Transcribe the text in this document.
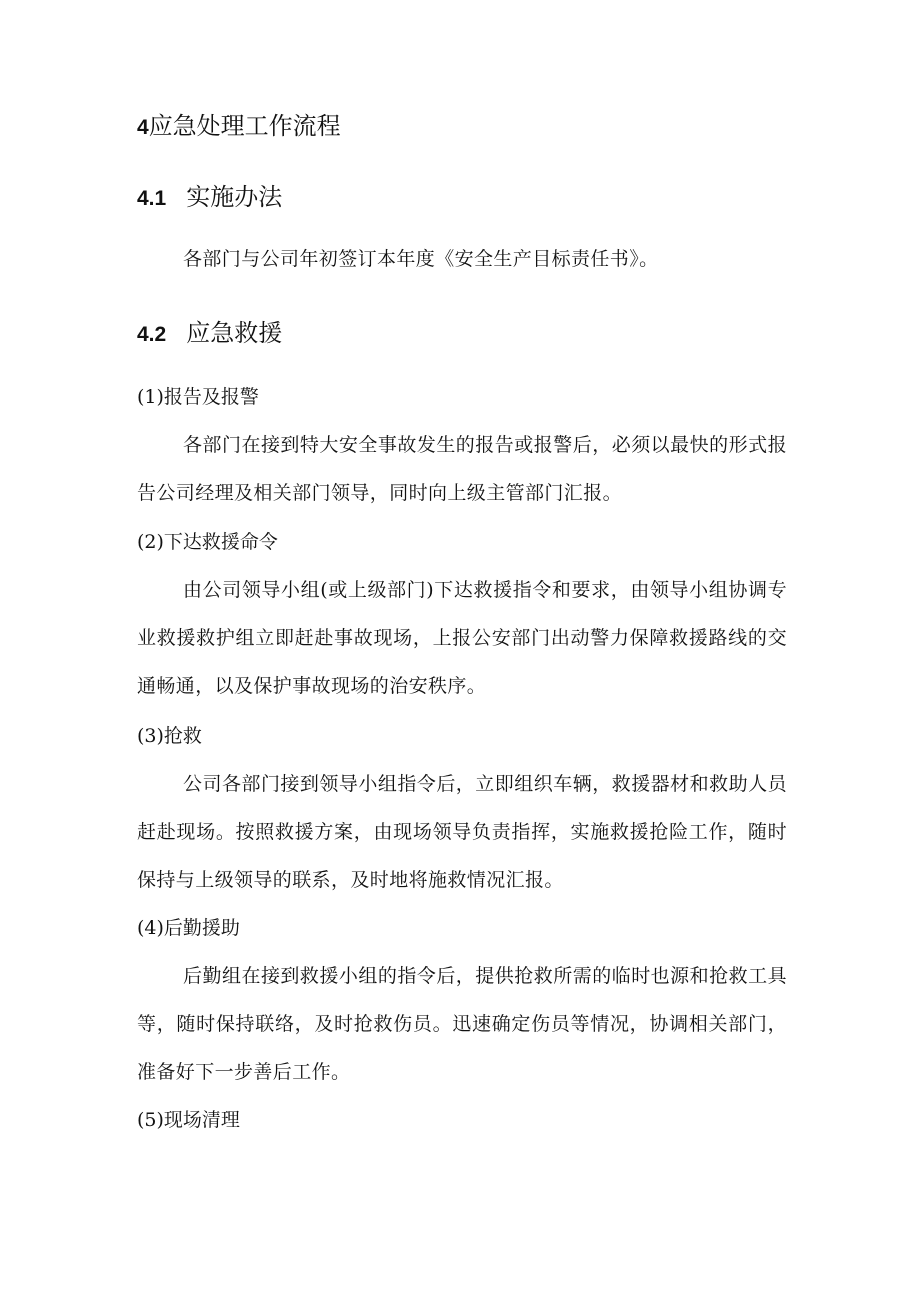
4应急处理工作流程
4.1 实施办法

各部门与公司年初签订本年度《安全生产目标责任书》。

4.2 应急救援

(1)报告及报警

各部门在接到特大安全事故发生的报告或报警后，必须以最快的形式报告公司经理及相关部门领导，同时向上级主管部门汇报。

(2)下达救援命令

由公司领导小组(或上级部门)下达救援指令和要求，由领导小组协调专业救援救护组立即赶赴事故现场，上报公安部门出动警力保障救援路线的交通畅通，以及保护事故现场的治安秩序。

(3)抢救

公司各部门接到领导小组指令后，立即组织车辆，救援器材和救助人员赶赴现场。按照救援方案，由现场领导负责指挥，实施救援抢险工作，随时保持与上级领导的联系，及时地将施救情况汇报。

(4)后勤援助

后勤组在接到救援小组的指令后，提供抢救所需的临时也源和抢救工具等，随时保持联络，及时抢救伤员。迅速确定伤员等情况，协调相关部门，准备好下一步善后工作。

(5)现场清理
